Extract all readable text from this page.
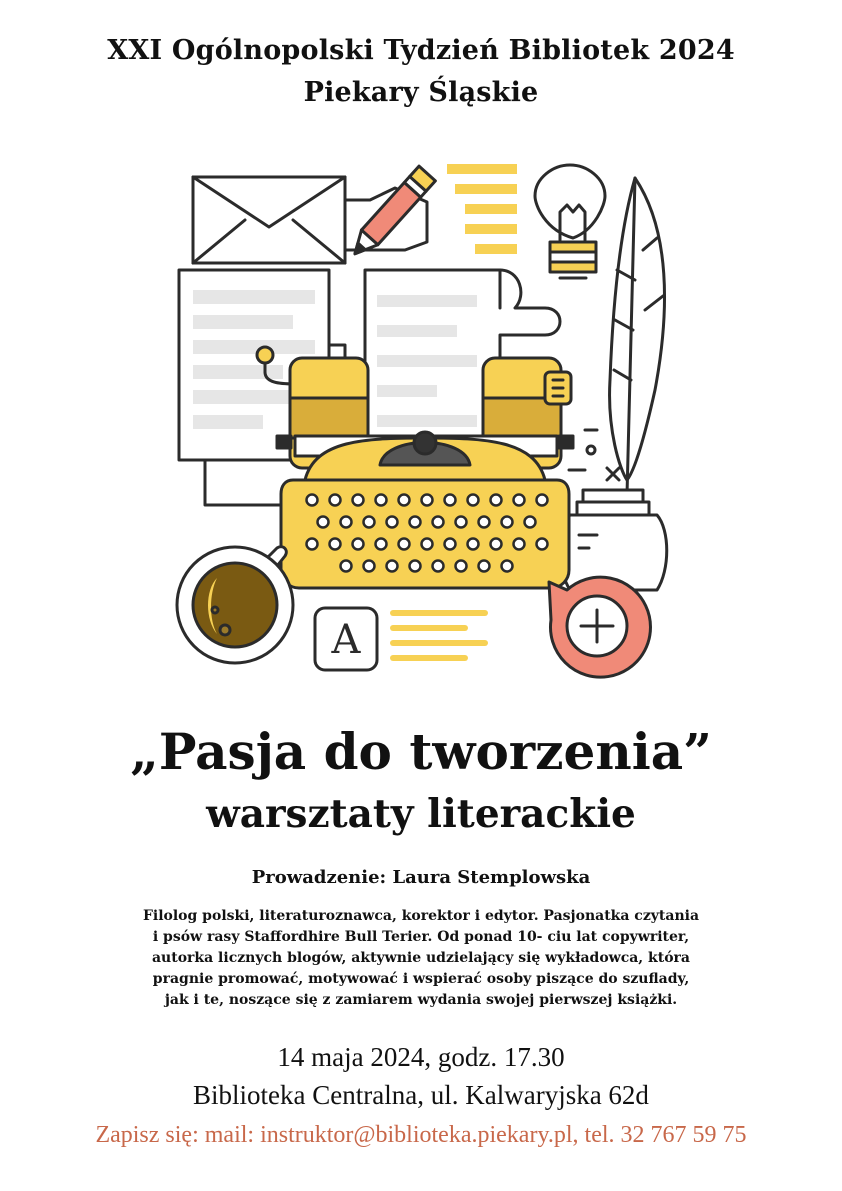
XXI Ogólnopolski Tydzień Bibliotek 2024
Piekary Śląskie
A
„Pasja do tworzenia”
warsztaty literackie
Prowadzenie: Laura Stemplowska
Filolog polski, literaturoznawca, korektor i edytor. Pasjonatka czytania
i psów rasy Staffordhire Bull Terier. Od ponad 10- ciu lat copywriter,
autorka licznych blogów, aktywnie udzielający się wykładowca, która
pragnie promować, motywować i wspierać osoby piszące do szuflady,
jak i te, noszące się z zamiarem wydania swojej pierwszej książki.
14 maja 2024, godz. 17.30
Biblioteka Centralna, ul. Kalwaryjska 62d
Zapisz się: mail: instruktor@biblioteka.piekary.pl, tel. 32 767 59 75
